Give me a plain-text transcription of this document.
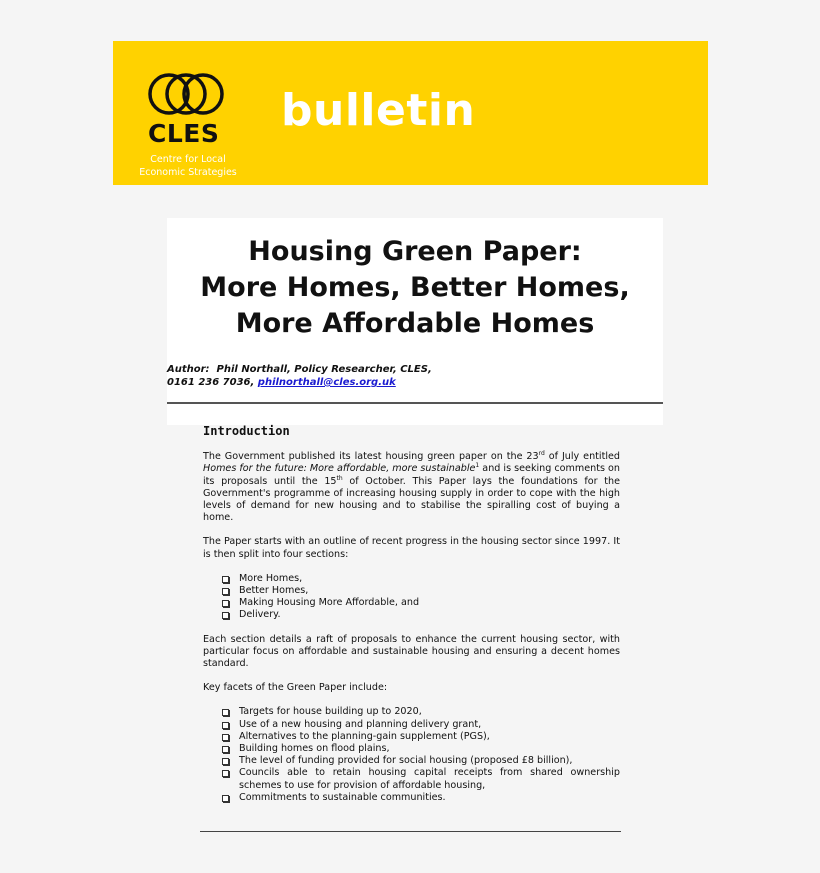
CLES
Centre for Local
Economic Strategies
bulletin
Housing Green Paper:
More Homes, Better Homes,
More Affordable Homes
Author: Phil Northall, Policy Researcher, CLES,
0161 236 7036, philnorthall@cles.org.uk
Introduction

The Government published its latest housing green paper on the 23rd of July entitled Homes for the future: More affordable, more sustainable$^1$ and is seeking comments on its proposals until the 15th of October. This Paper lays the foundations for the Government's programme of increasing housing supply in order to cope with the high levels of demand for new housing and to stabilise the spiralling cost of buying a home.

The Paper starts with an outline of recent progress in the housing sector since 1997. It is then split into four sections:

More Homes,
Better Homes,
Making Housing More Affordable, and
Delivery.

Each section details a raft of proposals to enhance the current housing sector, with particular focus on affordable and sustainable housing and ensuring a decent homes standard.

Key facets of the Green Paper include:

Targets for house building up to 2020,
Use of a new housing and planning delivery grant,
Alternatives to the planning-gain supplement (PGS),
Building homes on flood plains,
The level of funding provided for social housing (proposed £8 billion),
Councils able to retain housing capital receipts from shared ownership schemes to use for provision of affordable housing,
Commitments to sustainable communities.
